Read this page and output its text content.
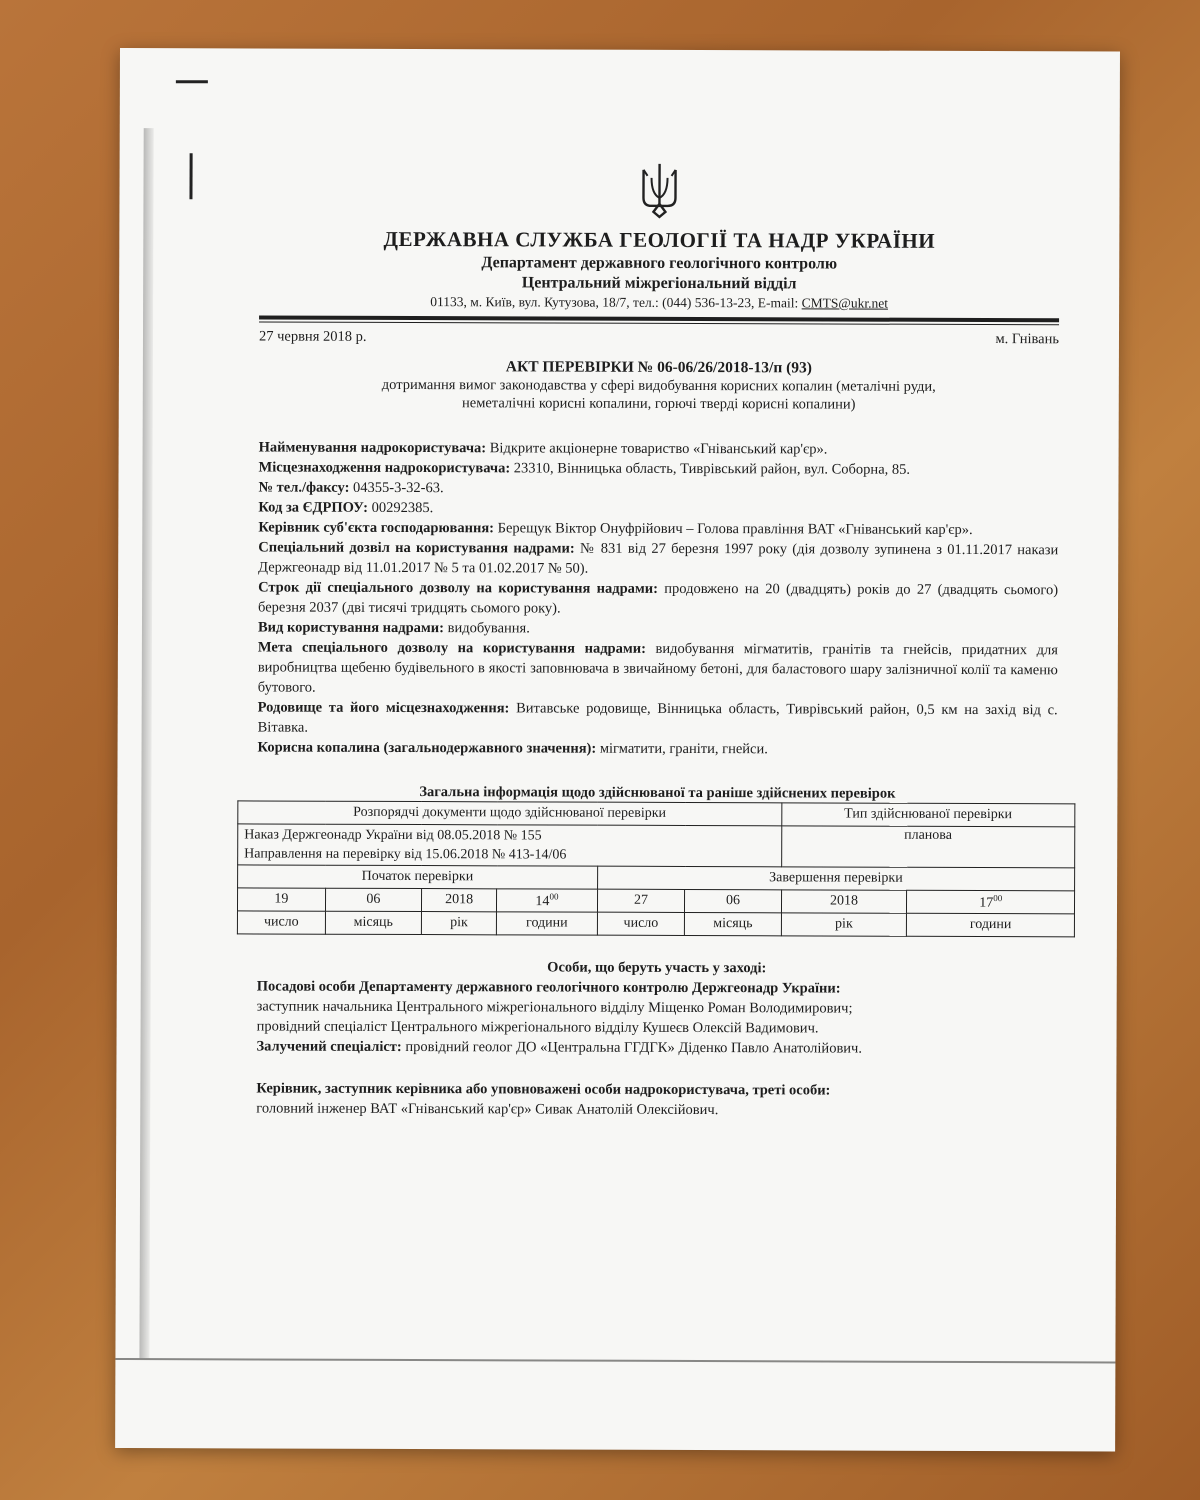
ДЕРЖАВНА СЛУЖБА ГЕОЛОГІЇ ТА НАДР УКРАЇНИ
Департамент державного геологічного контролю
Центральний міжрегіональний відділ
01133, м. Київ, вул. Кутузова, 18/7, тел.: (044) 536-13-23, E-mail: CMTS@ukr.net
27 червня 2018 р.	м. Гнівань
АКТ ПЕРЕВІРКИ № 06-06/26/2018-13/п (93)
дотримання вимог законодавства у сфері видобування корисних копалин (металічні руди,
неметалічні корисні копалини, горючі тверді корисні копалини)

Найменування надрокористувача: Відкрите акціонерне товариство «Гніванський кар'єр».

Місцезнаходження надрокористувача: 23310, Вінницька область, Тиврівський район, вул. Соборна, 85.

№ тел./факсу: 04355-3-32-63.

Код за ЄДРПОУ: 00292385.

Керівник суб'єкта господарювання: Берещук Віктор Онуфрійович – Голова правління ВАТ «Гніванський кар'єр».

Спеціальний дозвіл на користування надрами: № 831 від 27 березня 1997 року (дія дозволу зупинена з 01.11.2017 накази Держгеонадр від 11.01.2017 № 5 та 01.02.2017 № 50).

Строк дії спеціального дозволу на користування надрами: продовжено на 20 (двадцять) років до 27 (двадцять сьомого) березня 2037 (дві тисячі тридцять сьомого року).

Вид користування надрами: видобування.

Мета спеціального дозволу на користування надрами: видобування мігматитів, гранітів та гнейсів, придатних для виробництва щебеню будівельного в якості заповнювача в звичайному бетоні, для баластового шару залізничної колії та каменю бутового.

Родовище та його місцезнаходження: Витавське родовище, Вінницька область, Тиврівський район, 0,5 км на захід від с. Вітавка.

Корисна копалина (загальнодержавного значення): мігматити, граніти, гнейси.

Загальна інформація щодо здійснюваної та раніше здійснених перевірок
Розпорядчі документи щодо здійснюваної перевірки						Тип здійснюваної перевірки	

Наказ Держгеонадр України від 08.05.2018 № 155
Направлення на перевірку від 15.06.2018 № 413-14/06						планова	
Початок перевірки				Завершення перевірки			
19	06	2018	$14^{00}$	27	06	2018	$17^{00}$
число	місяць	рік	години	число	місяць	рік	години

Особи, що беруть участь у заході:

Посадові особи Департаменту державного геологічного контролю Держгеонадр України:

заступник начальника Центрального міжрегіонального відділу Міщенко Роман Володимирович;

провідний спеціаліст Центрального міжрегіонального відділу Кушеєв Олексій Вадимович.

Залучений спеціаліст: провідний геолог ДО «Центральна ГГДГК» Діденко Павло Анатолійович.

Керівник, заступник керівника або уповноважені особи надрокористувача, треті особи:

головний інженер ВАТ «Гніванський кар'єр» Сивак Анатолій Олексійович.
